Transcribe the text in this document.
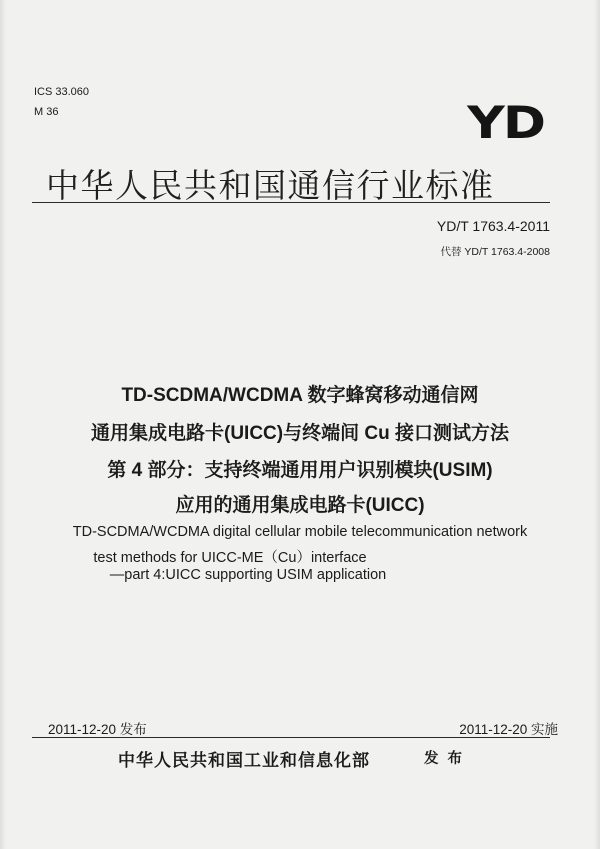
ICS 33.060
M 36	YD
中华人民共和国通信行业标准
YD/T 1763.4-2011
代替 YD/T 1763.4-2008
TD-SCDMA/WCDMA 数字蜂窝移动通信网
通用集成电路卡(UICC)与终端间 Cu 接口测试方法
第 4 部分：支持终端通用用户识别模块(USIM)
应用的通用集成电路卡(UICC)
TD-SCDMA/WCDMA digital cellular mobile telecommunication network
test methods for UICC-ME（Cu）interface
—part 4:UICC supporting USIM application
2011-12-20 发布	2011-12-20 实施
中华人民共和国工业和信息化部	发 布
